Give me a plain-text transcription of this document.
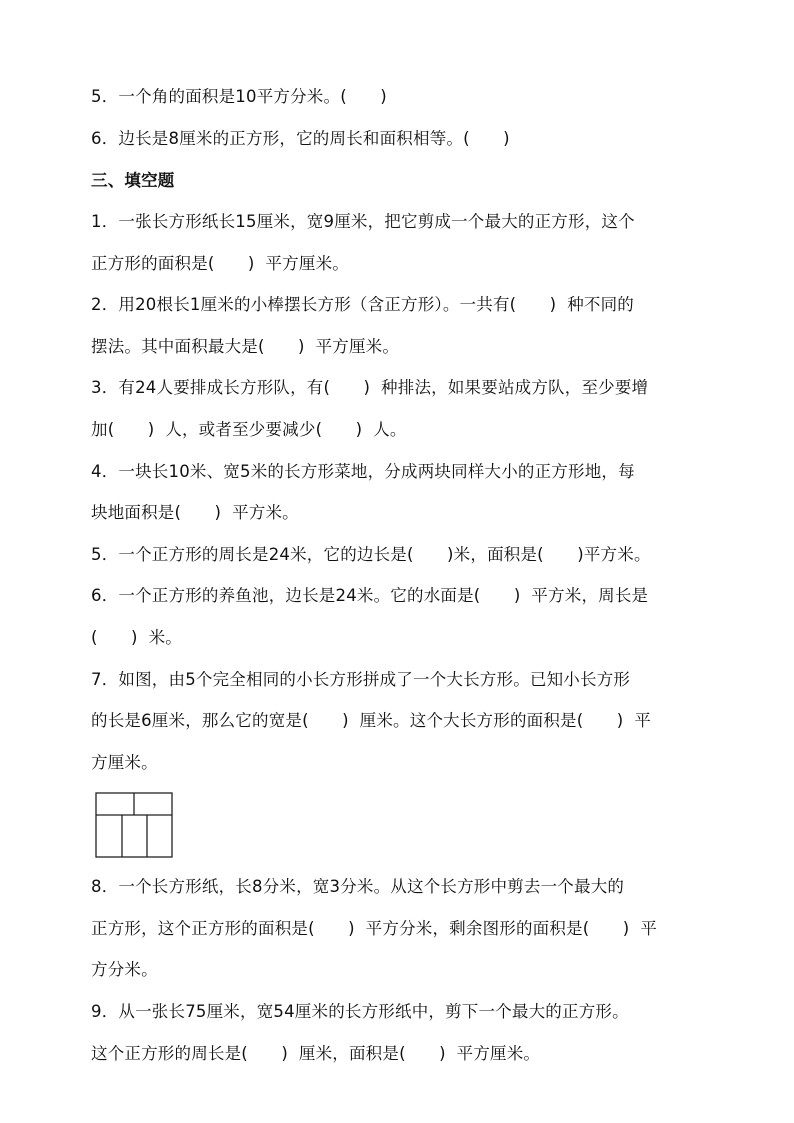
5．一个角的面积是10平方分米。(　　)
6．边长是8厘米的正方形，它的周长和面积相等。(　　)
三、填空题
1．一张长方形纸长15厘米，宽9厘米，把它剪成一个最大的正方形，这个
正方形的面积是(　　)  平方厘米。
2．用20根长1厘米的小棒摆长方形（含正方形）。一共有(　　)  种不同的
摆法。其中面积最大是(　　)  平方厘米。
3．有24人要排成长方形队，有(　　)  种排法，如果要站成方队，至少要增
加(　　)  人，或者至少要减少(　　)  人。
4．一块长10米、宽5米的长方形菜地，分成两块同样大小的正方形地，每
块地面积是(　　)  平方米。
5．一个正方形的周长是24米，它的边长是(　　)米，面积是(　　)平方米。
6．一个正方形的养鱼池，边长是24米。它的水面是(　　)  平方米，周长是
(　　)  米。
7．如图，由5个完全相同的小长方形拼成了一个大长方形。已知小长方形
的长是6厘米，那么它的宽是(　　)  厘米。这个大长方形的面积是(　　)  平
方厘米。
8．一个长方形纸，长8分米，宽3分米。从这个长方形中剪去一个最大的
正方形，这个正方形的面积是(　　)  平方分米，剩余图形的面积是(　　)  平
方分米。
9．从一张长75厘米，宽54厘米的长方形纸中，剪下一个最大的正方形。
这个正方形的周长是(　　)  厘米，面积是(　　)  平方厘米。
